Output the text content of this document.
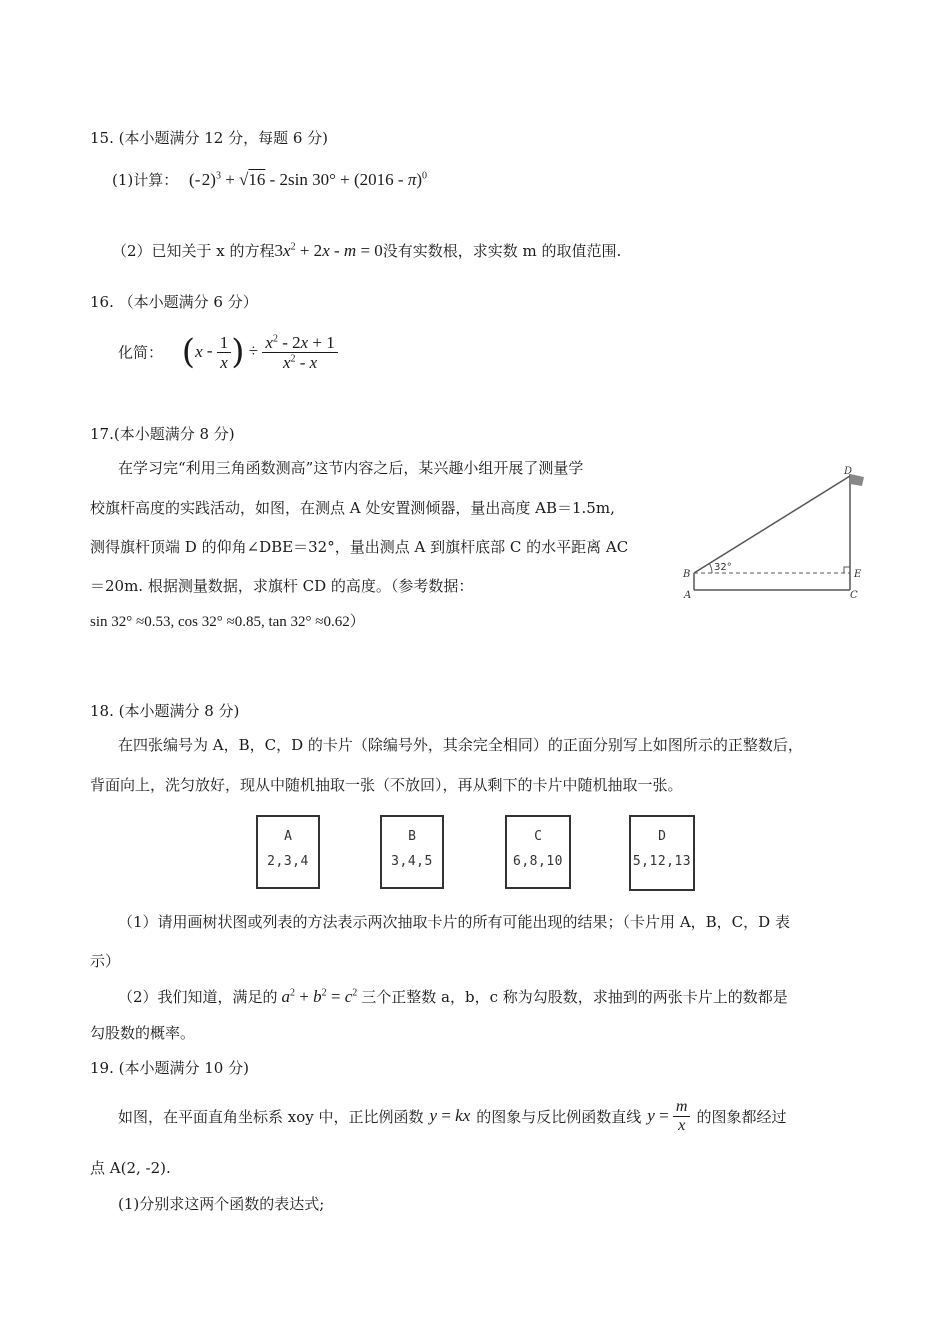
15. (本小题满分 12 分，每题 6 分)
(1)计算： (- 2)$^3$ + √16 - 2sin 30° + (2016 - π)$^0$
（2）已知关于 x 的方程$3x^2 + 2x - m = 0$没有实数根，求实数 m 的取值范围.
16. （本小题满分 6 分）
化简： ($x - \frac{1}{x}$ ) ÷ $\frac{x^2 - 2x + 1}{x^2 - x}$
17.(本小题满分 8 分)
在学习完“利用三角函数测高”这节内容之后，某兴趣小组开展了测量学
校旗杆高度的实践活动，如图，在测点 A 处安置测倾器，量出高度 AB＝1.5m,
测得旗杆顶端 D 的仰角∠DBE＝32°，量出测点 A 到旗杆底部 C 的水平距离 AC
＝20m. 根据测量数据，求旗杆 CD 的高度。（参考数据：
sin 32° ≈0.53, cos 32° ≈0.85, tan 32° ≈0.62）
32°
D
B	E
A	C
18. (本小题满分 8 分)
在四张编号为 A，B，C，D 的卡片（除编号外，其余完全相同）的正面分别写上如图所示的正整数后，
背面向上，洗匀放好，现从中随机抽取一张（不放回），再从剩下的卡片中随机抽取一张。
A
2,3,4
B
3,4,5
C
6,8,10
D
5,12,13
（1）请用画树状图或列表的方法表示两次抽取卡片的所有可能出现的结果；（卡片用 A，B，C，D 表
示）
（2）我们知道，满足的 $a^2 + b^2 = c^2$ 三个正整数 a，b，c 称为勾股数，求抽到的两张卡片上的数都是
勾股数的概率。
19. (本小题满分 10 分)
如图，在平面直角坐标系 xoy 中，正比例函数 y = kx 的图象与反比例函数直线 $y = \frac{m}{x}$ 的图象都经过
点 A(2, -2).
(1)分别求这两个函数的表达式;
